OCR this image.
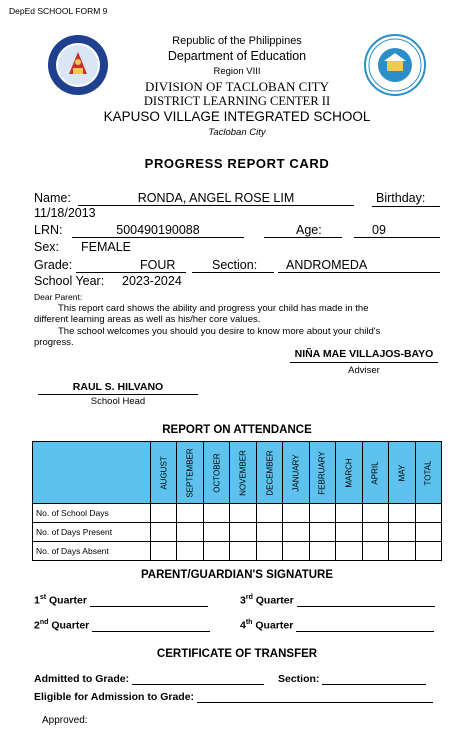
DepEd SCHOOL FORM 9
Republic of the Philippines
Department of Education
Region VIII
DIVISION OF TACLOBAN CITY
DISTRICT LEARNING CENTER II
KAPUSO VILLAGE INTEGRATED SCHOOL
Tacloban City
PROGRESS REPORT CARD
Name:	RONDA, ANGEL ROSE LIM	Birthday:
11/18/2013
LRN:	500490190088	Age:	09
Sex: FEMALE
Grade:	FOUR	Section:	ANDROMEDA
School Year: 2023-2024
Dear Parent:
This report card shows the ability and progress your child has made in the
different learning areas as well as his/her core values.
The school welcomes you should you desire to know more about your child's
progress.
NIÑA MAE VILLAJOS-BAYO
Adviser
RAUL S. HILVANO
School Head
REPORT ON ATTENDANCE

	AUGUST	SEPTEMBER	OCTOBER	NOVEMBER	DECEMBER	JANUARY	FEBRUARY	MARCH	APRIL	MAY	TOTAL

No. of School Days											
No. of Days Present											
No. of Days Absent											
PARENT/GUARDIAN'S SIGNATURE
1st Quarter	3rd Quarter
2nd Quarter	4th Quarter
CERTIFICATE OF TRANSFER
Admitted to Grade:	Section:
Eligible for Admission to Grade:
Approved:
